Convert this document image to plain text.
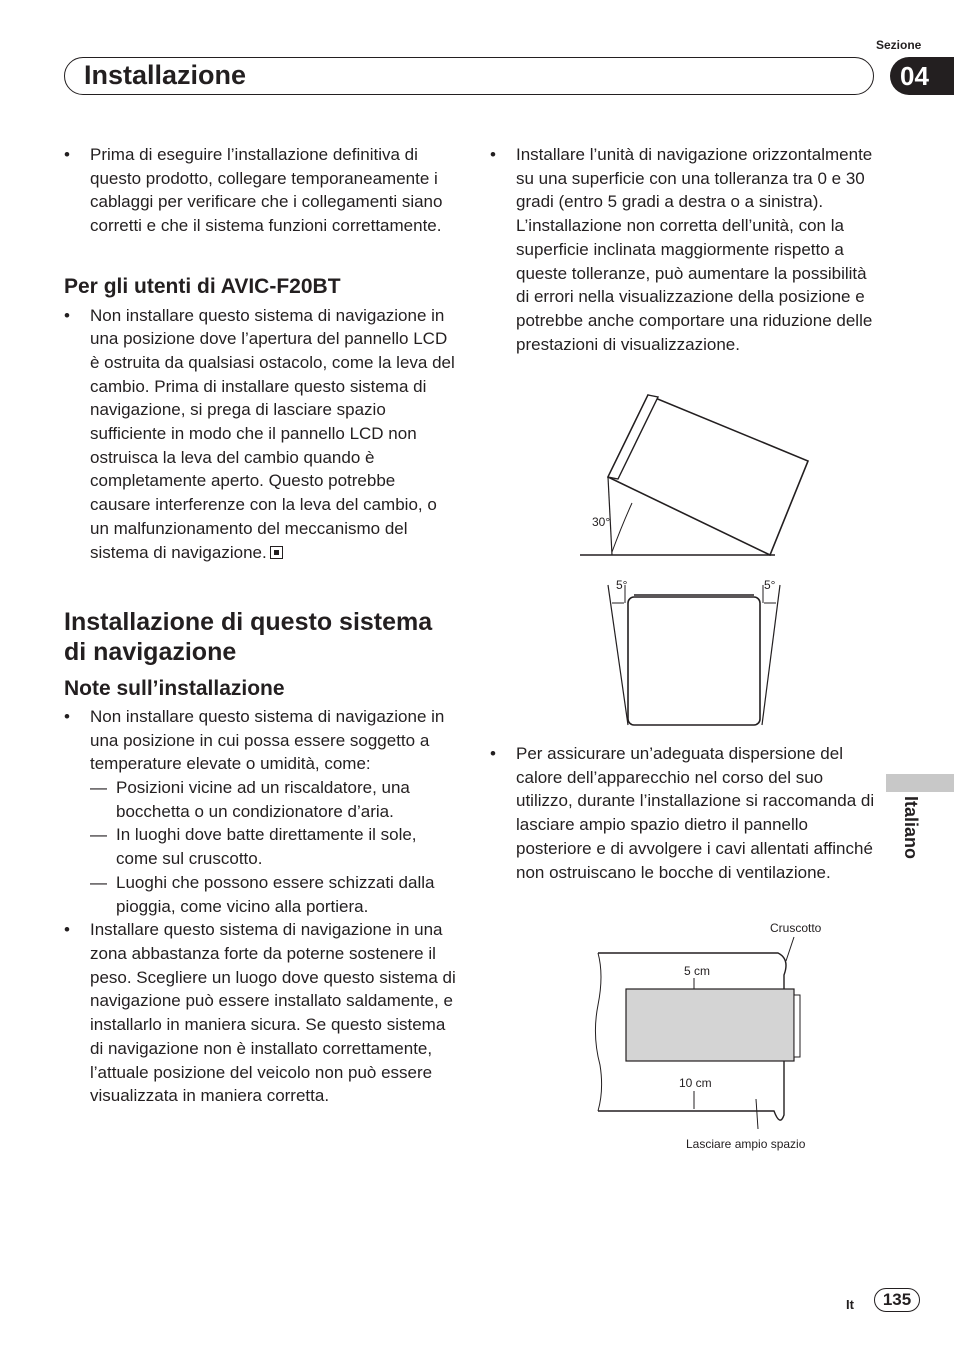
Sezione
Installazione	04
Italiano
• Prima di eseguire l’installazione definitiva di questo prodotto, collegare temporaneamente i cablaggi per verificare che i collegamenti siano corretti e che il sistema funzioni correttamente.
Per gli utenti di AVIC-F20BT
• Non installare questo sistema di navigazione in una posizione dove l’apertura del pannello LCD è ostruita da qualsiasi ostacolo, come la leva del cambio. Prima di installare questo sistema di navigazione, si prega di lasciare spazio sufficiente in modo che il pannello LCD non ostruisca la leva del cambio quando è completamente aperto. Questo potrebbe causare interferenze con la leva del cambio, o un malfunzionamento del meccanismo del sistema di navigazione.
Installazione di questo sistema di navigazione
Note sull’installazione
• Non installare questo sistema di navigazione in una posizione in cui possa essere soggetto a temperature elevate o umidità, come:
— Posizioni vicine ad un riscaldatore, una bocchetta o un condizionatore d’aria.
— In luoghi dove batte direttamente il sole, come sul cruscotto.
— Luoghi che possono essere schizzati dalla pioggia, come vicino alla portiera.
• Installare questo sistema di navigazione in una zona abbastanza forte da poterne sostenere il peso. Scegliere un luogo dove questo sistema di navigazione può essere installato saldamente, e installarlo in maniera sicura. Se questo sistema di navigazione non è installato correttamente, l’attuale posizione del veicolo non può essere visualizzata in maniera corretta.
• Installare l’unità di navigazione orizzontalmente su una superficie con una tolleranza tra 0 e 30 gradi (entro 5 gradi a destra o a sinistra). L’installazione non corretta dell’unità, con la superficie inclinata maggiormente rispetto a queste tolleranze, può aumentare la possibilità di errori nella visualizzazione della posizione e potrebbe anche comportare una riduzione delle prestazioni di visualizzazione.
• Per assicurare un’adeguata dispersione del calore dell’apparecchio nel corso del suo utilizzo, durante l’installazione si raccomanda di lasciare ampio spazio dietro il pannello posteriore e di avvolgere i cavi allentati affinché non ostruiscano le bocche di ventilazione.
30°
5°	5°
Cruscotto
5 cm
10 cm
Lasciare ampio spazio
It	135
